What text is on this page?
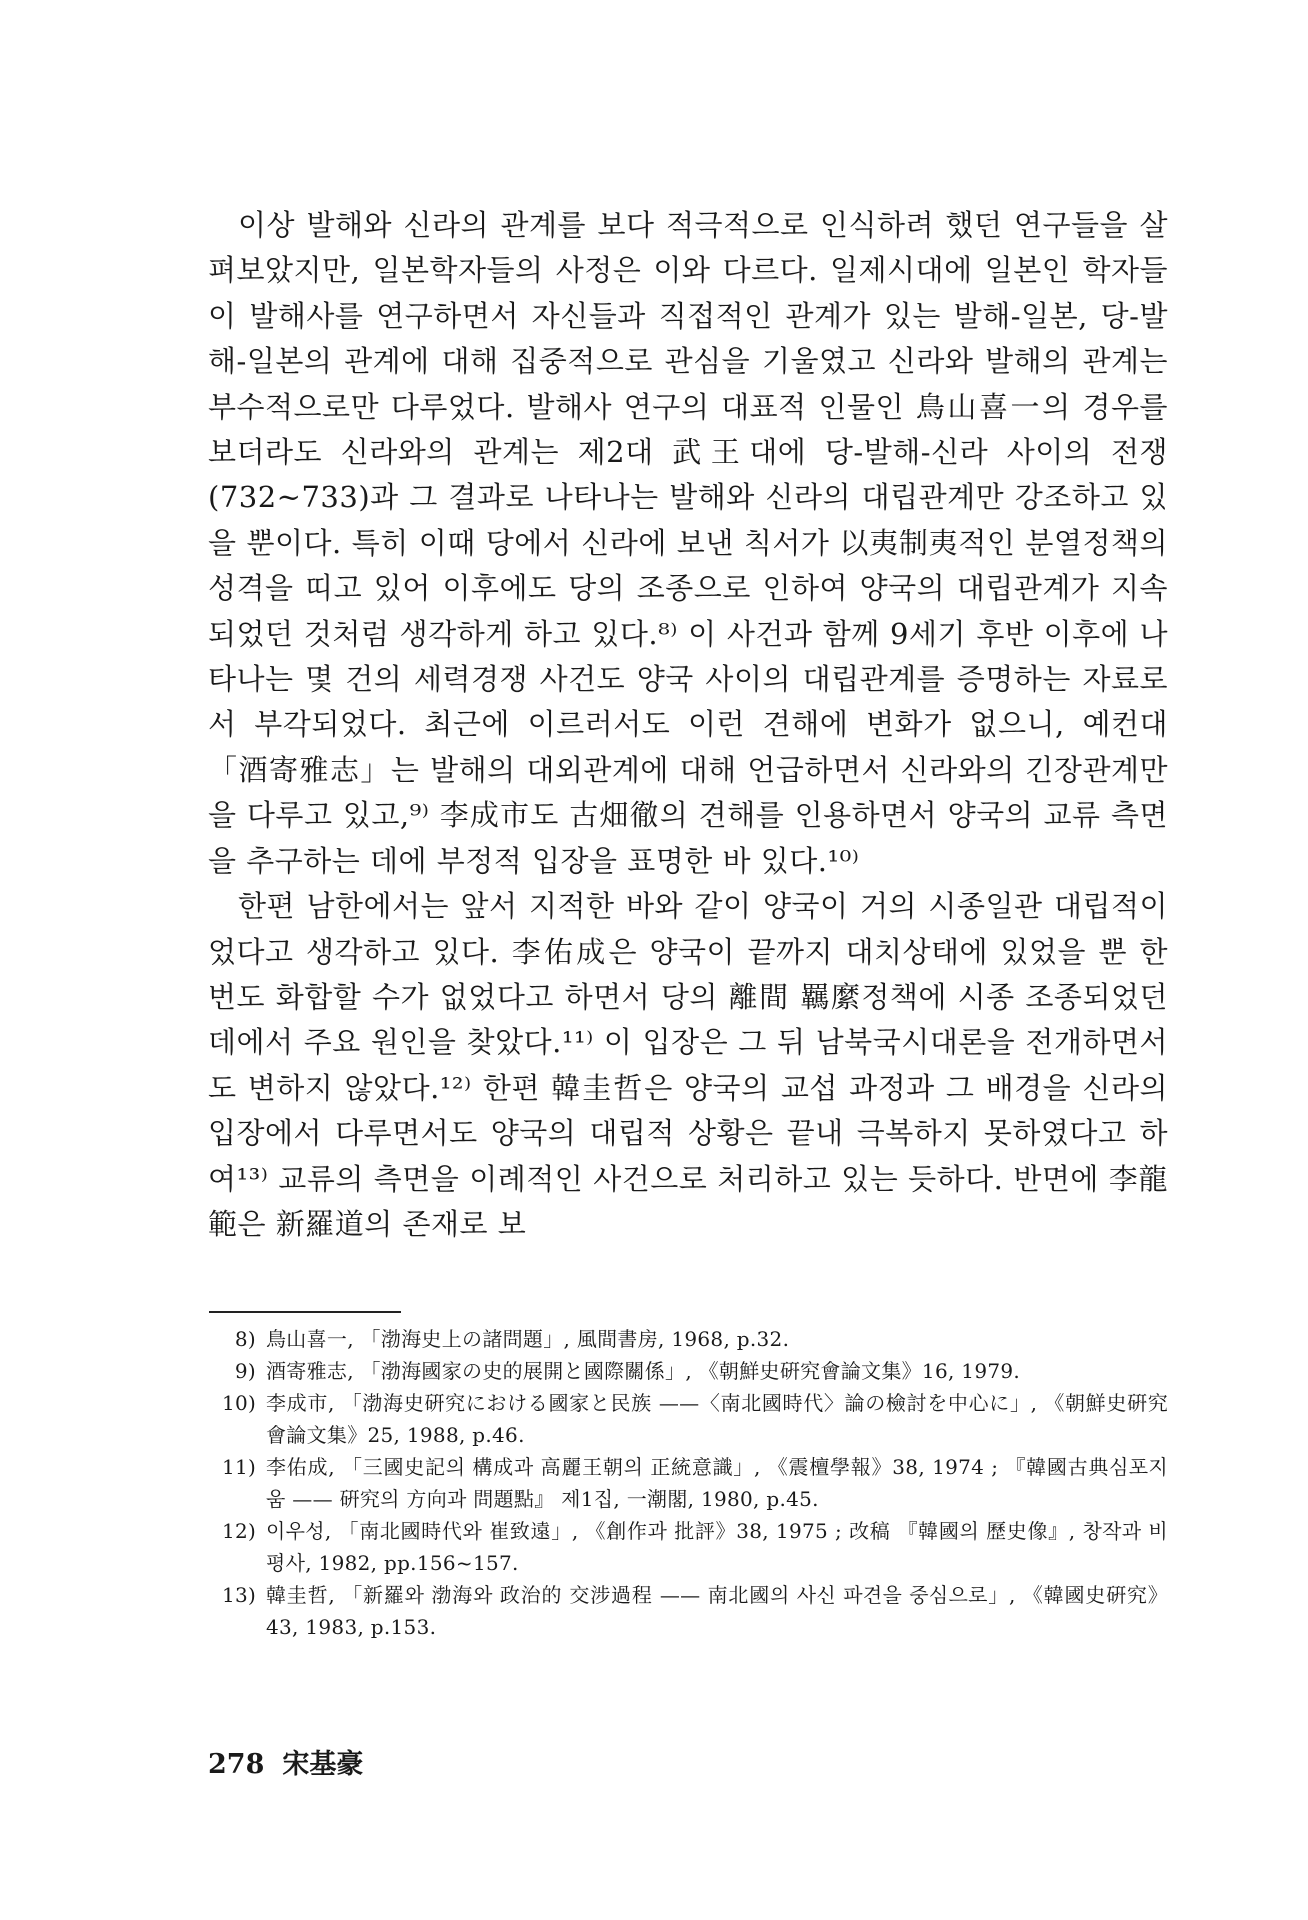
이상 발해와 신라의 관계를 보다 적극적으로 인식하려 했던 연구들을 살펴보았지만, 일본학자들의 사정은 이와 다르다. 일제시대에 일본인 학자들이 발해사를 연구하면서 자신들과 직접적인 관계가 있는 발해-일본, 당-발해-일본의 관계에 대해 집중적으로 관심을 기울였고 신라와 발해의 관계는 부수적으로만 다루었다. 발해사 연구의 대표적 인물인 鳥山喜一의 경우를 보더라도 신라와의 관계는 제2대 武王대에 당-발해-신라 사이의 전쟁(732~733)과 그 결과로 나타나는 발해와 신라의 대립관계만 강조하고 있을 뿐이다. 특히 이때 당에서 신라에 보낸 칙서가 以夷制夷적인 분열정책의 성격을 띠고 있어 이후에도 당의 조종으로 인하여 양국의 대립관계가 지속되었던 것처럼 생각하게 하고 있다.⁸⁾ 이 사건과 함께 9세기 후반 이후에 나타나는 몇 건의 세력경쟁 사건도 양국 사이의 대립관계를 증명하는 자료로서 부각되었다. 최근에 이르러서도 이런 견해에 변화가 없으니, 예컨대 「酒寄雅志」는 발해의 대외관계에 대해 언급하면서 신라와의 긴장관계만을 다루고 있고,⁹⁾ 李成市도 古畑徹의 견해를 인용하면서 양국의 교류 측면을 추구하는 데에 부정적 입장을 표명한 바 있다.¹⁰⁾

한편 남한에서는 앞서 지적한 바와 같이 양국이 거의 시종일관 대립적이었다고 생각하고 있다. 李佑成은 양국이 끝까지 대치상태에 있었을 뿐 한 번도 화합할 수가 없었다고 하면서 당의 離間 羈縻정책에 시종 조종되었던 데에서 주요 원인을 찾았다.¹¹⁾ 이 입장은 그 뒤 남북국시대론을 전개하면서도 변하지 않았다.¹²⁾ 한편 韓圭哲은 양국의 교섭 과정과 그 배경을 신라의 입장에서 다루면서도 양국의 대립적 상황은 끝내 극복하지 못하였다고 하여¹³⁾ 교류의 측면을 이례적인 사건으로 처리하고 있는 듯하다. 반면에 李龍範은 新羅道의 존재로 보

8) 鳥山喜一, 「渤海史上の諸問題」, 風間書房, 1968, p.32.
9) 酒寄雅志, 「渤海國家の史的展開と國際關係」, 《朝鮮史硏究會論文集》16, 1979.
10) 李成市, 「渤海史硏究における國家と民族 ——〈南北國時代〉論の檢討を中心に」, 《朝鮮史硏究會論文集》25, 1988, p.46.
11) 李佑成, 「三國史記의 構成과 高麗王朝의 正統意識」, 《震檀學報》38, 1974 ; 『韓國古典심포지움 —— 硏究의 方向과 問題點』 제1집, 一潮閣, 1980, p.45.
12) 이우성, 「南北國時代와 崔致遠」, 《創作과 批評》38, 1975 ; 改稿 『韓國의 歷史像』, 창작과 비평사, 1982, pp.156~157.
13) 韓圭哲, 「新羅와 渤海와 政治的 交涉過程 —— 南北國의 사신 파견을 중심으로」, 《韓國史硏究》43, 1983, p.153.
278 宋基豪
